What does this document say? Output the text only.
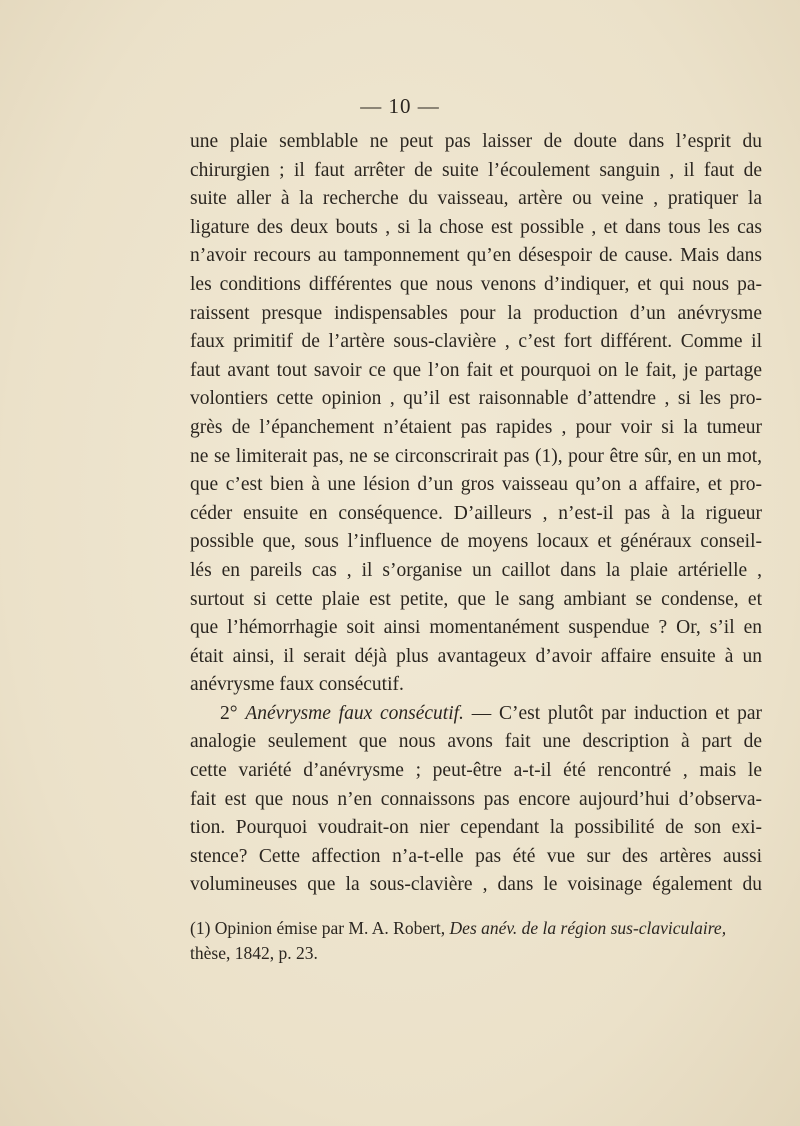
— 10 —
une plaie semblable ne peut pas laisser de doute dans l’esprit du
chirurgien ; il faut arrêter de suite l’écoulement sanguin , il faut de
suite aller à la recherche du vaisseau, artère ou veine , pratiquer la
ligature des deux bouts , si la chose est possible , et dans tous les cas
n’avoir recours au tamponnement qu’en désespoir de cause. Mais dans
les conditions différentes que nous venons d’indiquer, et qui nous pa-
raissent presque indispensables pour la production d’un anévrysme
faux primitif de l’artère sous-clavière , c’est fort différent. Comme il
faut avant tout savoir ce que l’on fait et pourquoi on le fait, je partage
volontiers cette opinion , qu’il est raisonnable d’attendre , si les pro-
grès de l’épanchement n’étaient pas rapides , pour voir si la tumeur
ne se limiterait pas, ne se circonscrirait pas (1), pour être sûr, en un mot,
que c’est bien à une lésion d’un gros vaisseau qu’on a affaire, et pro-
céder ensuite en conséquence. D’ailleurs , n’est-il pas à la rigueur
possible que, sous l’influence de moyens locaux et généraux conseil-
lés en pareils cas , il s’organise un caillot dans la plaie artérielle ,
surtout si cette plaie est petite, que le sang ambiant se condense, et
que l’hémorrhagie soit ainsi momentanément suspendue ? Or, s’il en
était ainsi, il serait déjà plus avantageux d’avoir affaire ensuite à un
anévrysme faux consécutif.
2° Anévrysme faux consécutif. — C’est plutôt par induction et par
analogie seulement que nous avons fait une description à part de
cette variété d’anévrysme ; peut-être a-t-il été rencontré , mais le
fait est que nous n’en connaissons pas encore aujourd’hui d’observa-
tion. Pourquoi voudrait-on nier cependant la possibilité de son exi-
stence? Cette affection n’a-t-elle pas été vue sur des artères aussi
volumineuses que la sous-clavière , dans le voisinage également du
(1) Opinion émise par M. A. Robert, Des anév. de la région sus-claviculaire,
thèse, 1842, p. 23.
